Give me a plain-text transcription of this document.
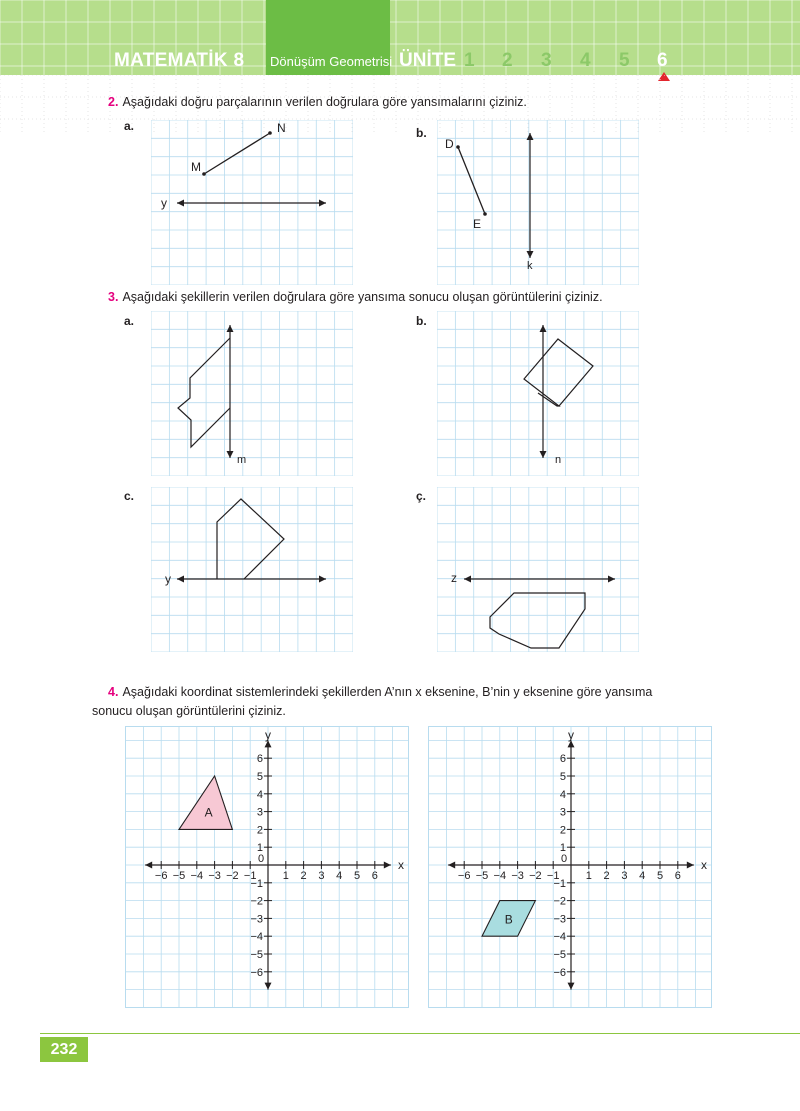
MATEMATİK 8 Dönüşüm Geometrisi ÜNİTE 1 2 3 4 5 6
2. Aşağıdaki doğru parçalarının verilen doğrulara göre yansımalarını çiziniz.
a.	b.
M
N
y
D
E
k
3. Aşağıdaki şekillerin verilen doğrulara göre yansıma sonucu oluşan görüntülerini çiziniz.
a.	b.
m	n
c.	ç.
y	z
4. Aşağıdaki koordinat sistemlerindeki şekillerden A’nın x eksenine, B’nin y eksenine göre yansıma
sonucu oluşan görüntülerini çiziniz.
A
x
y
0
−6 −5 −4 −3 −2 −1 1 2 3 4 5 6
6
5
4
3
2
1
−1
−2
−3
−4
−5
−6
B
x
y
0
−6 −5 −4 −3 −2 −1 1 2 3 4 5 6
6
5
4
3
2
1
−1
−2
−3
−4
−5
−6
232
